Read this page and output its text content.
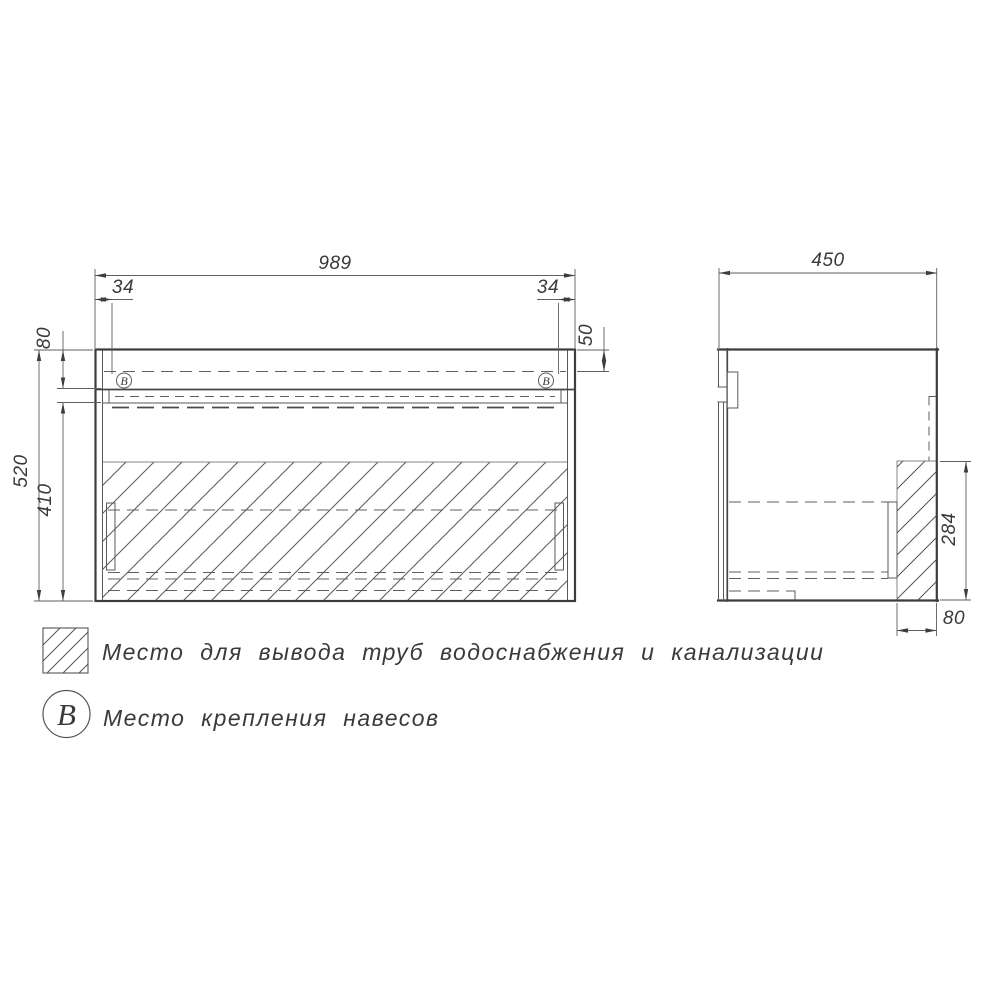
В	В
989
34	34
50
80
520
410
450
284
80
Место для вывода труб водоснабжения и канализации
В Место крепления навесов
